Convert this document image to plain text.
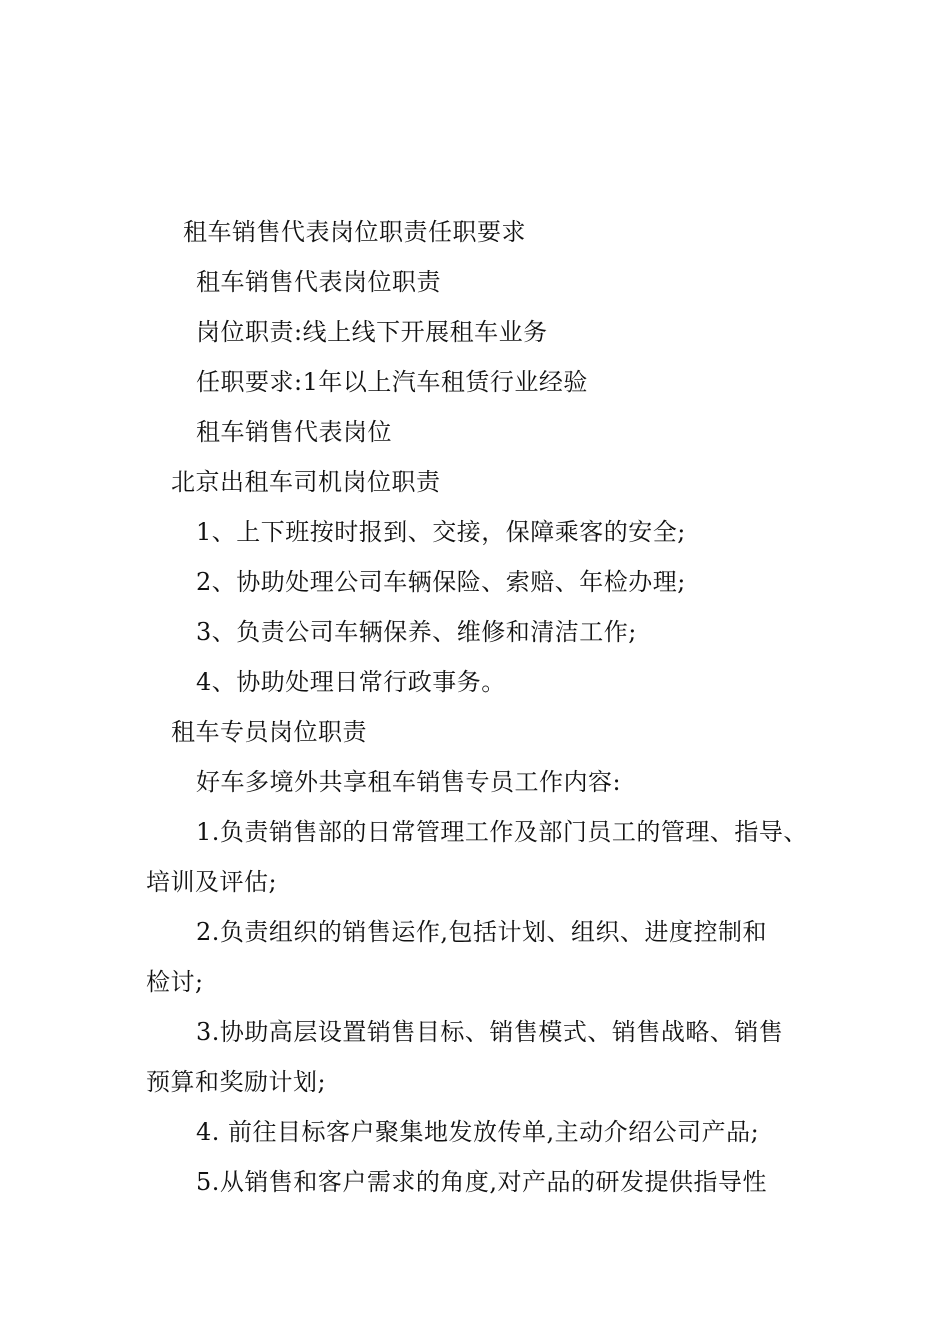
租车销售代表岗位职责任职要求
租车销售代表岗位职责
岗位职责:线上线下开展租车业务
任职要求:1年以上汽车租赁行业经验
租车销售代表岗位
北京出租车司机岗位职责
1、上下班按时报到、交接，保障乘客的安全;
2、协助处理公司车辆保险、索赔、年检办理;
3、负责公司车辆保养、维修和清洁工作;
4、协助处理日常行政事务。
租车专员岗位职责
好车多境外共享租车销售专员工作内容:
1.负责销售部的日常管理工作及部门员工的管理、指导、
培训及评估;
2.负责组织的销售运作,包括计划、组织、进度控制和
检讨;
3.协助高层设置销售目标、销售模式、销售战略、销售
预算和奖励计划;
4. 前往目标客户聚集地发放传单,主动介绍公司产品;
5.从销售和客户需求的角度,对产品的研发提供指导性
